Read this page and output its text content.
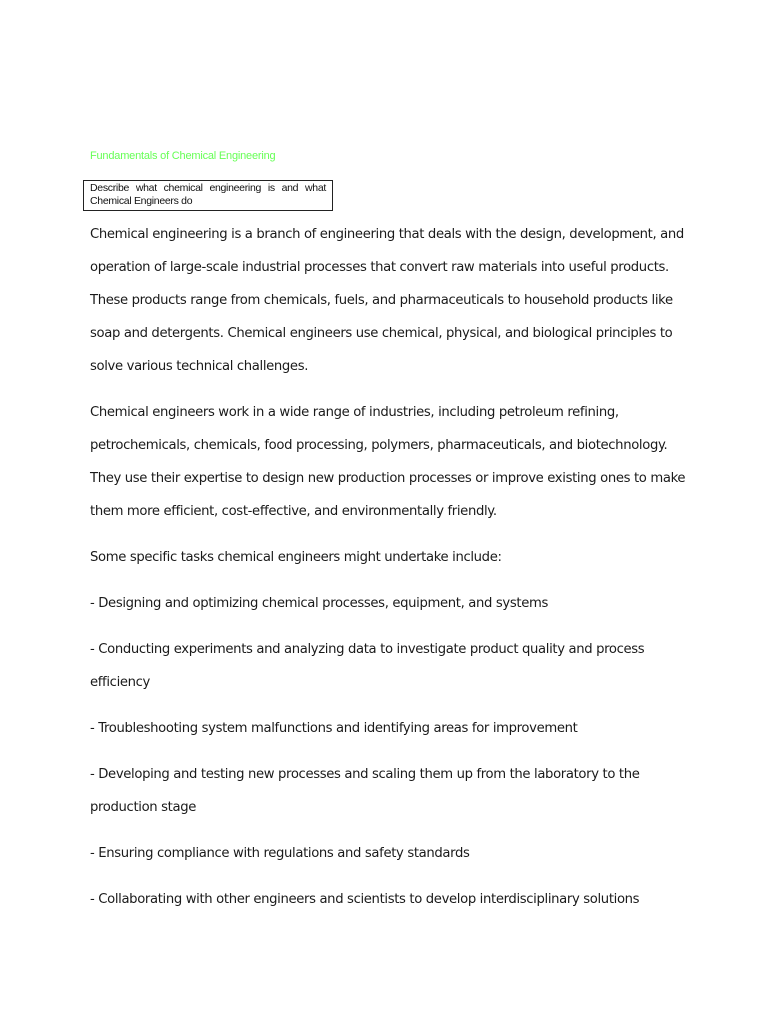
Fundamentals of Chemical Engineering
Describe what chemical engineering is and what Chemical Engineers do

Chemical engineering is a branch of engineering that deals with the design, development, and operation of large-scale industrial processes that convert raw materials into useful products. These products range from chemicals, fuels, and pharmaceuticals to household products like soap and detergents. Chemical engineers use chemical, physical, and biological principles to solve various technical challenges.

Chemical engineers work in a wide range of industries, including petroleum refining, petrochemicals, chemicals, food processing, polymers, pharmaceuticals, and biotechnology. They use their expertise to design new production processes or improve existing ones to make them more efficient, cost-effective, and environmentally friendly.

Some specific tasks chemical engineers might undertake include:

- Designing and optimizing chemical processes, equipment, and systems

- Conducting experiments and analyzing data to investigate product quality and process efficiency

- Troubleshooting system malfunctions and identifying areas for improvement

- Developing and testing new processes and scaling them up from the laboratory to the production stage

- Ensuring compliance with regulations and safety standards

- Collaborating with other engineers and scientists to develop interdisciplinary solutions
